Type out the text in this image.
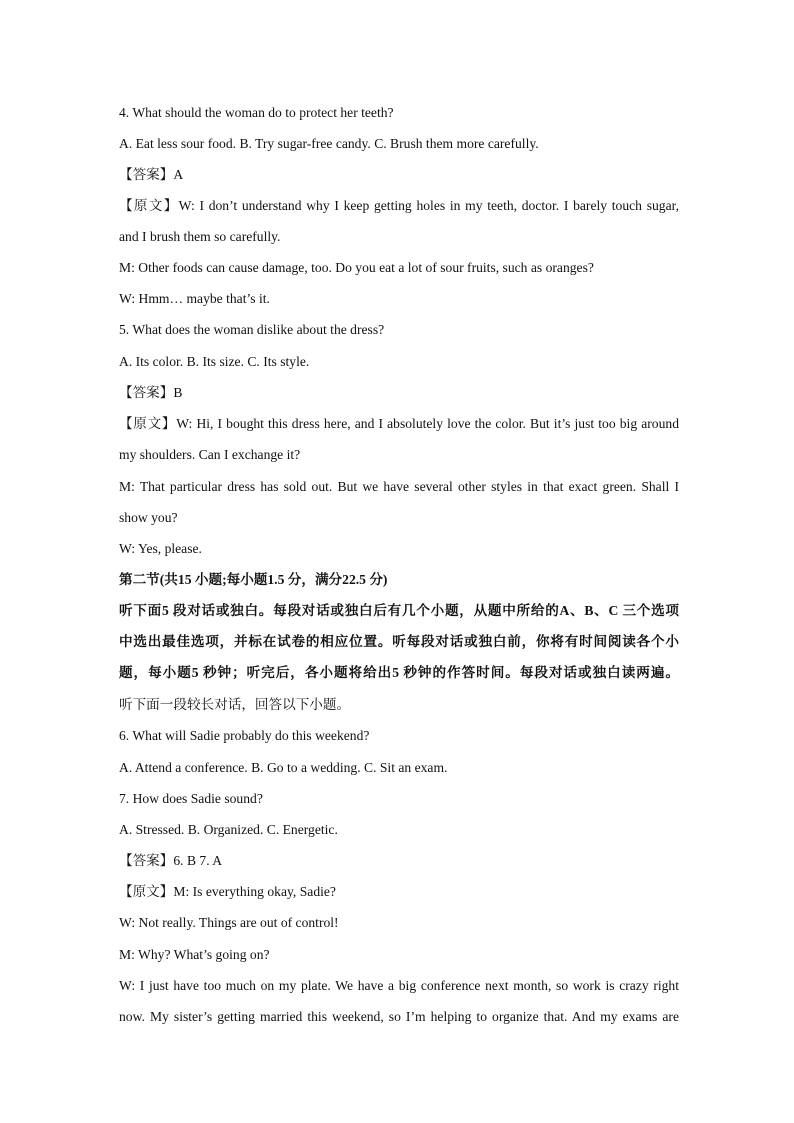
4. What should the woman do to protect her teeth?
A. Eat less sour food. B. Try sugar-free candy. C. Brush them more carefully.
【答案】A
【原文】W: I don’t understand why I keep getting holes in my teeth, doctor. I barely touch sugar,
and I brush them so carefully.
M: Other foods can cause damage, too. Do you eat a lot of sour fruits, such as oranges?
W: Hmm… maybe that’s it.
5. What does the woman dislike about the dress?
A. Its color. B. Its size. C. Its style.
【答案】B
【原文】W: Hi, I bought this dress here, and I absolutely love the color. But it’s just too big around
my shoulders. Can I exchange it?
M: That particular dress has sold out. But we have several other styles in that exact green. Shall I
show you?
W: Yes, please.
第二节(共15 小题;每小题1.5 分，满分22.5 分)
听下面5 段对话或独白。每段对话或独白后有几个小题，从题中所给的A、B、C 三个选项
中选出最佳选项，并标在试卷的相应位置。听每段对话或独白前，你将有时间阅读各个小
题，每小题5 秒钟；听完后，各小题将给出5 秒钟的作答时间。每段对话或独白读两遍。
听下面一段较长对话，回答以下小题。
6. What will Sadie probably do this weekend?
A. Attend a conference. B. Go to a wedding. C. Sit an exam.
7. How does Sadie sound?
A. Stressed. B. Organized. C. Energetic.
【答案】6. B 7. A
【原文】M: Is everything okay, Sadie?
W: Not really. Things are out of control!
M: Why? What’s going on?
W: I just have too much on my plate. We have a big conference next month, so work is crazy right
now. My sister’s getting married this weekend, so I’m helping to organize that. And my exams are
